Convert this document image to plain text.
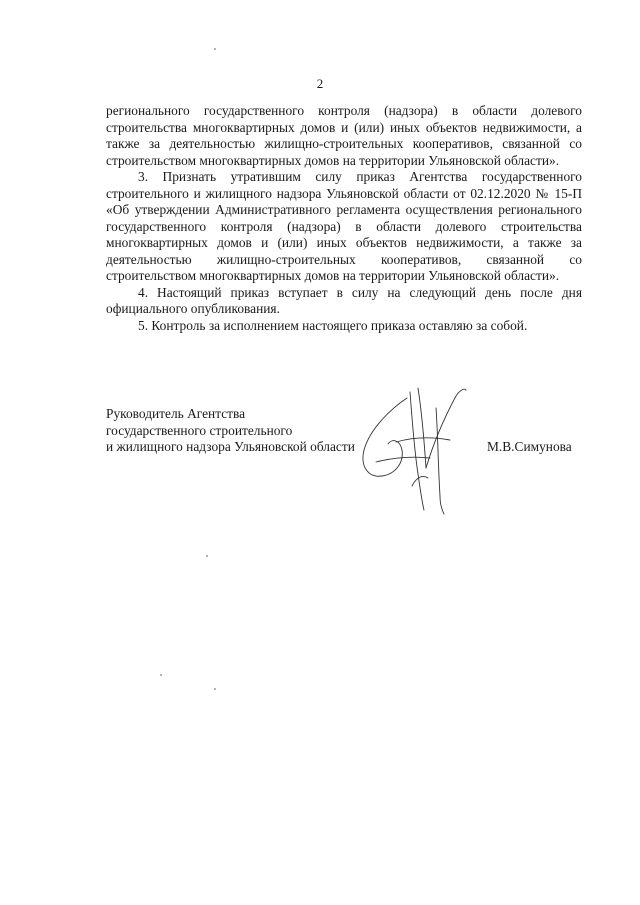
2

регионального государственного контроля (надзора) в области долевого строительства многоквартирных домов и (или) иных объектов недвижимости, а также за деятельностью жилищно-строительных кооперативов, связанной со строительством многоквартирных домов на территории Ульяновской области».

3. Признать утратившим силу приказ Агентства государственного строительного и жилищного надзора Ульяновской области от 02.12.2020 № 15-П «Об утверждении Административного регламента осуществления регионального государственного контроля (надзора) в области долевого строительства многоквартирных домов и (или) иных объектов недвижимости, а также за деятельностью жилищно-строительных кооперативов, связанной со строительством многоквартирных домов на территории Ульяновской области».

4. Настоящий приказ вступает в силу на следующий день после дня официального опубликования.

5. Контроль за исполнением настоящего приказа оставляю за собой.

Руководитель Агентства
государственного строительного
и жилищного надзора Ульяновской области	М.В.Симунова
